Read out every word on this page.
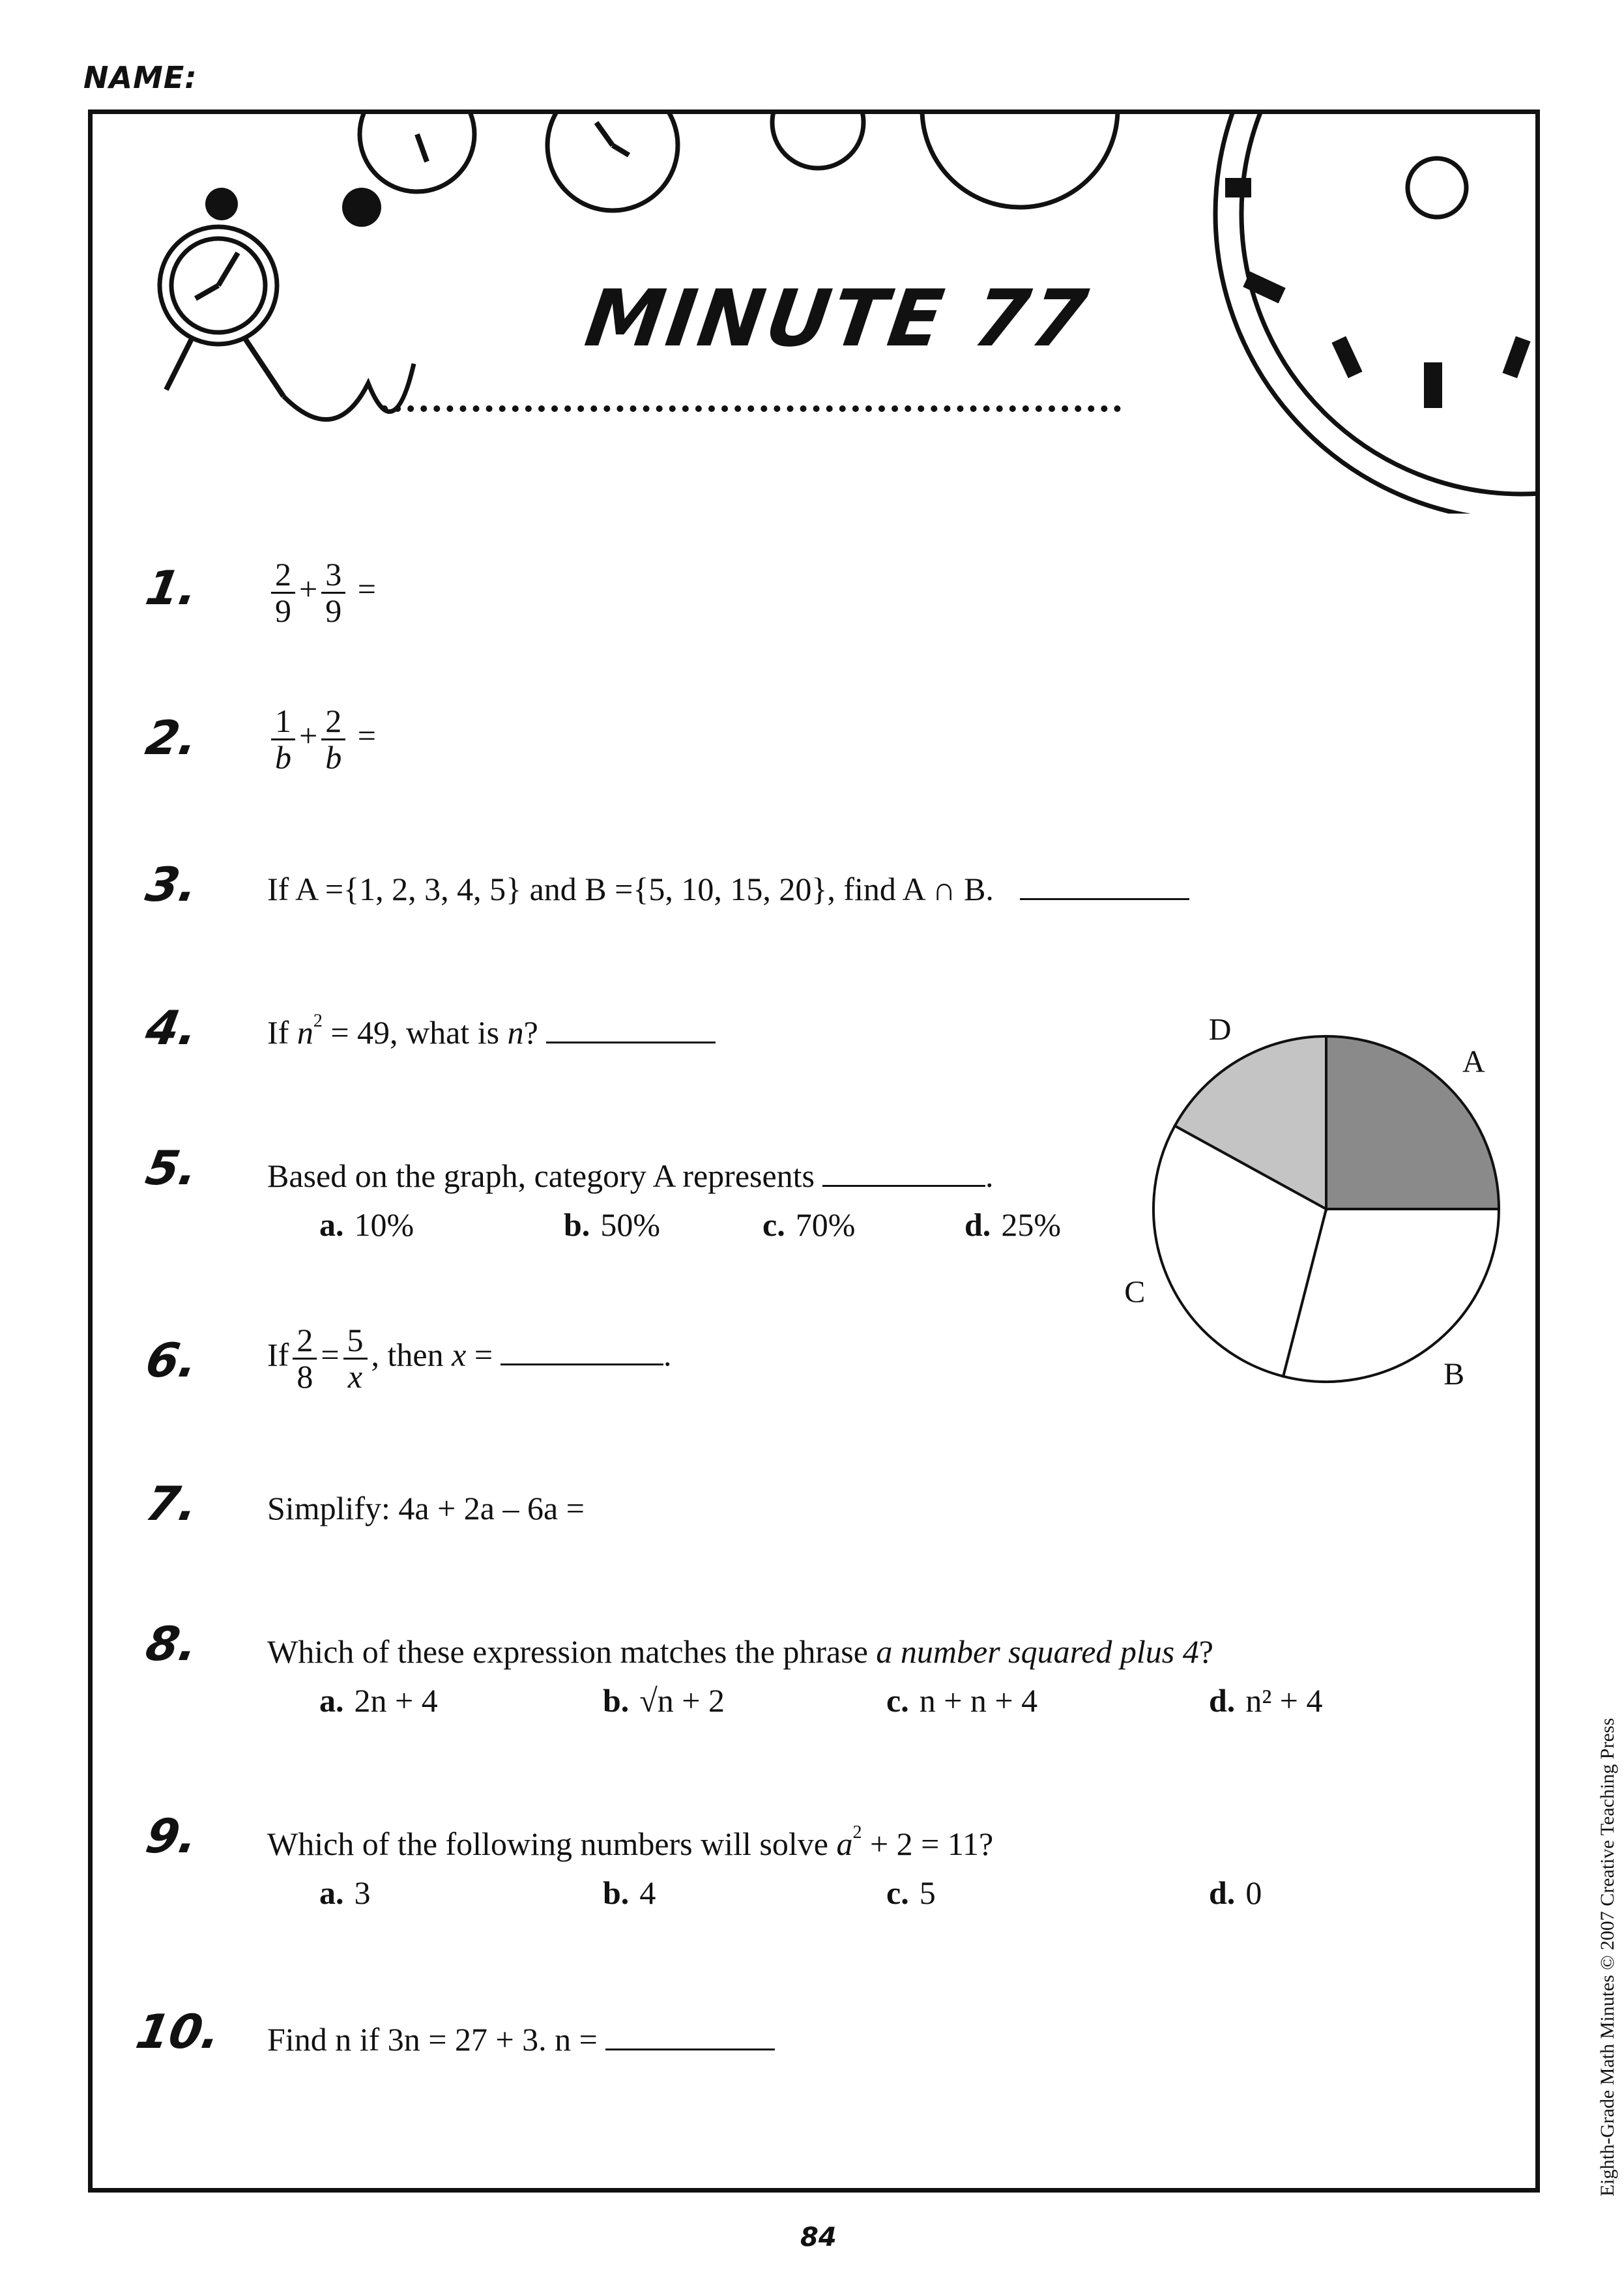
NAME:
MINUTE 77
1. $\frac{2}{9} + \frac{3}{9}$ =
2. $\frac{1}{b} + \frac{2}{b}$ =
3. If A ={1, 2, 3, 4, 5} and B ={5, 10, 15, 20}, find A ∩ B.
4. If $n^2 = 49$, what is n?
5. Based on the graph, category A represents	.
a. 10%	b. 50%	c. 70%	d. 25%
6. If $\frac{2}{8} = \frac{5}{x}$ , then x =	.
7. Simplify: 4a + 2a – 6a =
8. Which of these expression matches the phrase a number squared plus 4?
a. 2n + 4	b. √n + 2	c. n + n + 4	d. n² + 4
9. Which of the following numbers will solve $a^2 + 2 = 11$?
a. 3	b. 4	c. 5	d. 0
10. Find n if 3n = 27 + 3. n =
A
B
C
D
84
Eighth-Grade Math Minutes © 2007 Creative Teaching Press
